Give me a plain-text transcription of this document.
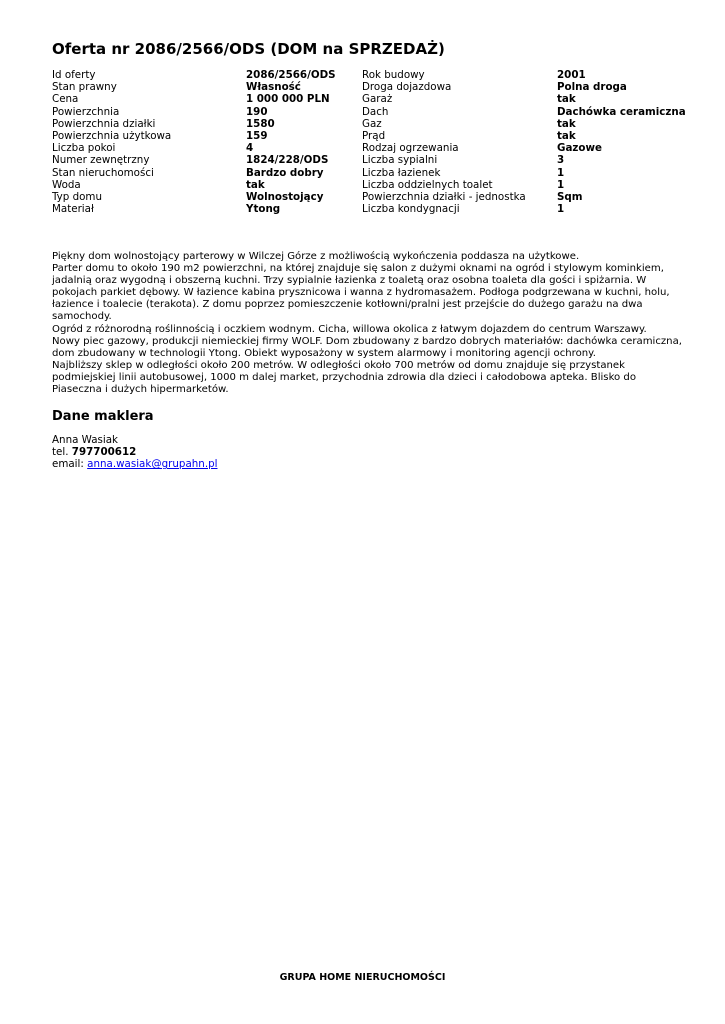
Oferta nr 2086/2566/ODS (DOM na SPRZEDAŻ)
Id oferty	2086/2566/ODS	Rok budowy	2001
Stan prawny	Własność	Droga dojazdowa	Polna droga
Cena	1 000 000 PLN	Garaż	tak
Powierzchnia	190	Dach	Dachówka ceramiczna
Powierzchnia działki	1580	Gaz	tak
Powierzchnia użytkowa	159	Prąd	tak
Liczba pokoi	4	Rodzaj ogrzewania	Gazowe
Numer zewnętrzny	1824/228/ODS	Liczba sypialni	3
Stan nieruchomości	Bardzo dobry	Liczba łazienek	1
Woda	tak	Liczba oddzielnych toalet	1
Typ domu	Wolnostojący	Powierzchnia działki - jednostka	Sqm
Materiał	Ytong	Liczba kondygnacji	1

Piękny dom wolnostojący parterowy w Wilczej Górze z możliwością wykończenia poddasza na użytkowe.

Parter domu to około 190 m2 powierzchni, na której znajduje się salon z dużymi oknami na ogród i stylowym kominkiem, jadalnią oraz wygodną i obszerną kuchni. Trzy sypialnie łazienka z toaletą oraz osobna toaleta dla gości i spiżarnia. W pokojach parkiet dębowy. W łazience kabina prysznicowa i wanna z hydromasażem. Podłoga podgrzewana w kuchni, holu, łazience i toalecie (terakota). Z domu poprzez pomieszczenie kotłowni/pralni jest przejście do dużego garażu na dwa samochody.

Ogród z różnorodną roślinnością i oczkiem wodnym. Cicha, willowa okolica z łatwym dojazdem do centrum Warszawy.

Nowy piec gazowy, produkcji niemieckiej firmy WOLF. Dom zbudowany z bardzo dobrych materiałów: dachówka ceramiczna, dom zbudowany w technologii Ytong. Obiekt wyposażony w system alarmowy i monitoring agencji ochrony.

Najbliższy sklep w odległości około 200 metrów. W odległości około 700 metrów od domu znajduje się przystanek podmiejskiej linii autobusowej, 1000 m dalej market, przychodnia zdrowia dla dzieci i całodobowa apteka. Blisko do Piaseczna i dużych hipermarketów.

Dane maklera
Anna Wasiak
tel. 797700612
email: anna.wasiak@grupahn.pl
GRUPA HOME NIERUCHOMOŚCI
